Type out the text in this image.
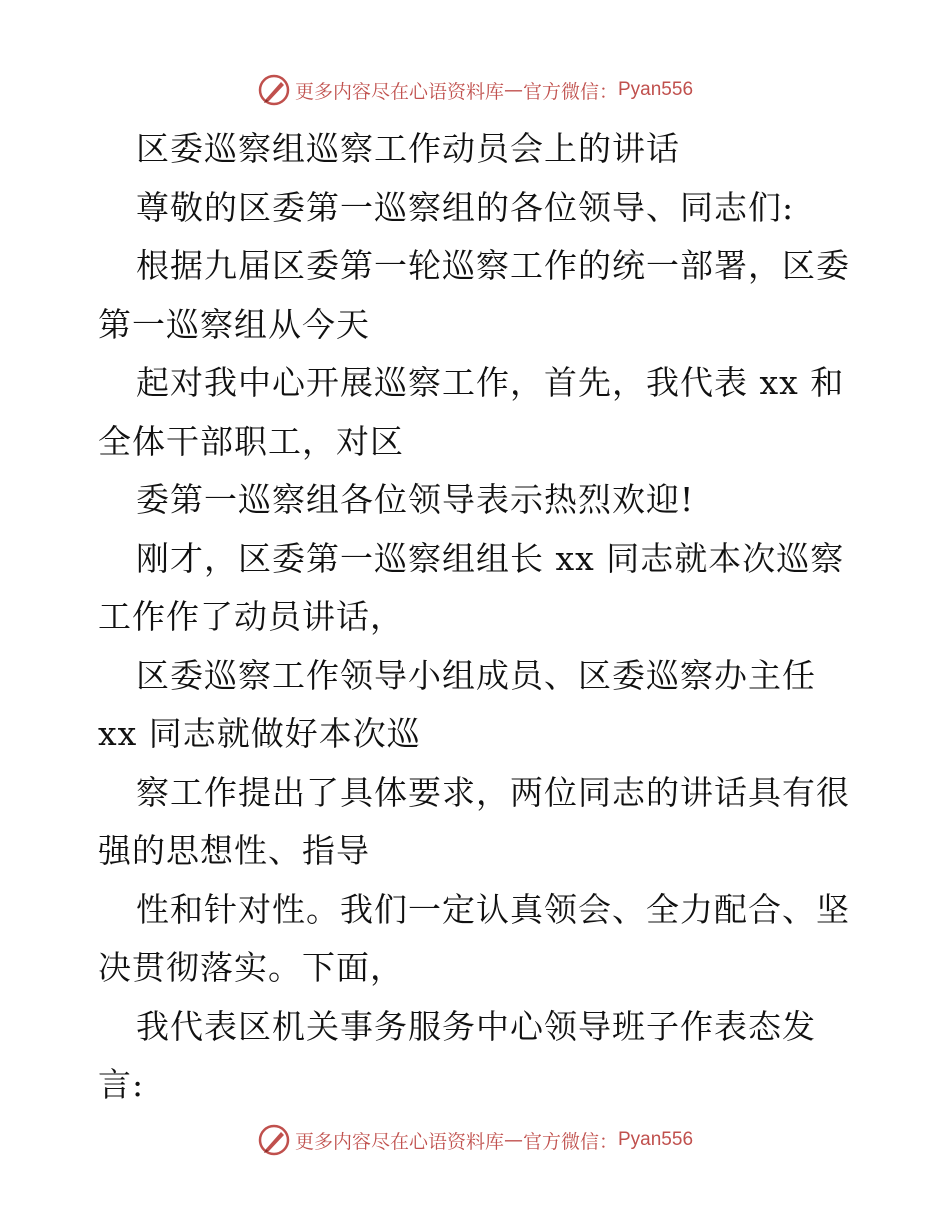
更多内容尽在心语资料库 — 官方微信： Pyan556

区委巡察组巡察工作动员会上的讲话

尊敬的区委第一巡察组的各位领导、同志们:

根据九届区委第一轮巡察工作的统一部署，区委

第一巡察组从今天

起对我中心开展巡察工作，首先，我代表 xx 和

全体干部职工，对区

委第一巡察组各位领导表示热烈欢迎!

刚才，区委第一巡察组组长 xx 同志就本次巡察

工作作了动员讲话，

区委巡察工作领导小组成员、区委巡察办主任

xx 同志就做好本次巡

察工作提出了具体要求，两位同志的讲话具有很

强的思想性、指导

性和针对性。我们一定认真领会、全力配合、坚

决贯彻落实。下面，

我代表区机关事务服务中心领导班子作表态发

言:

更多内容尽在心语资料库 — 官方微信： Pyan556
